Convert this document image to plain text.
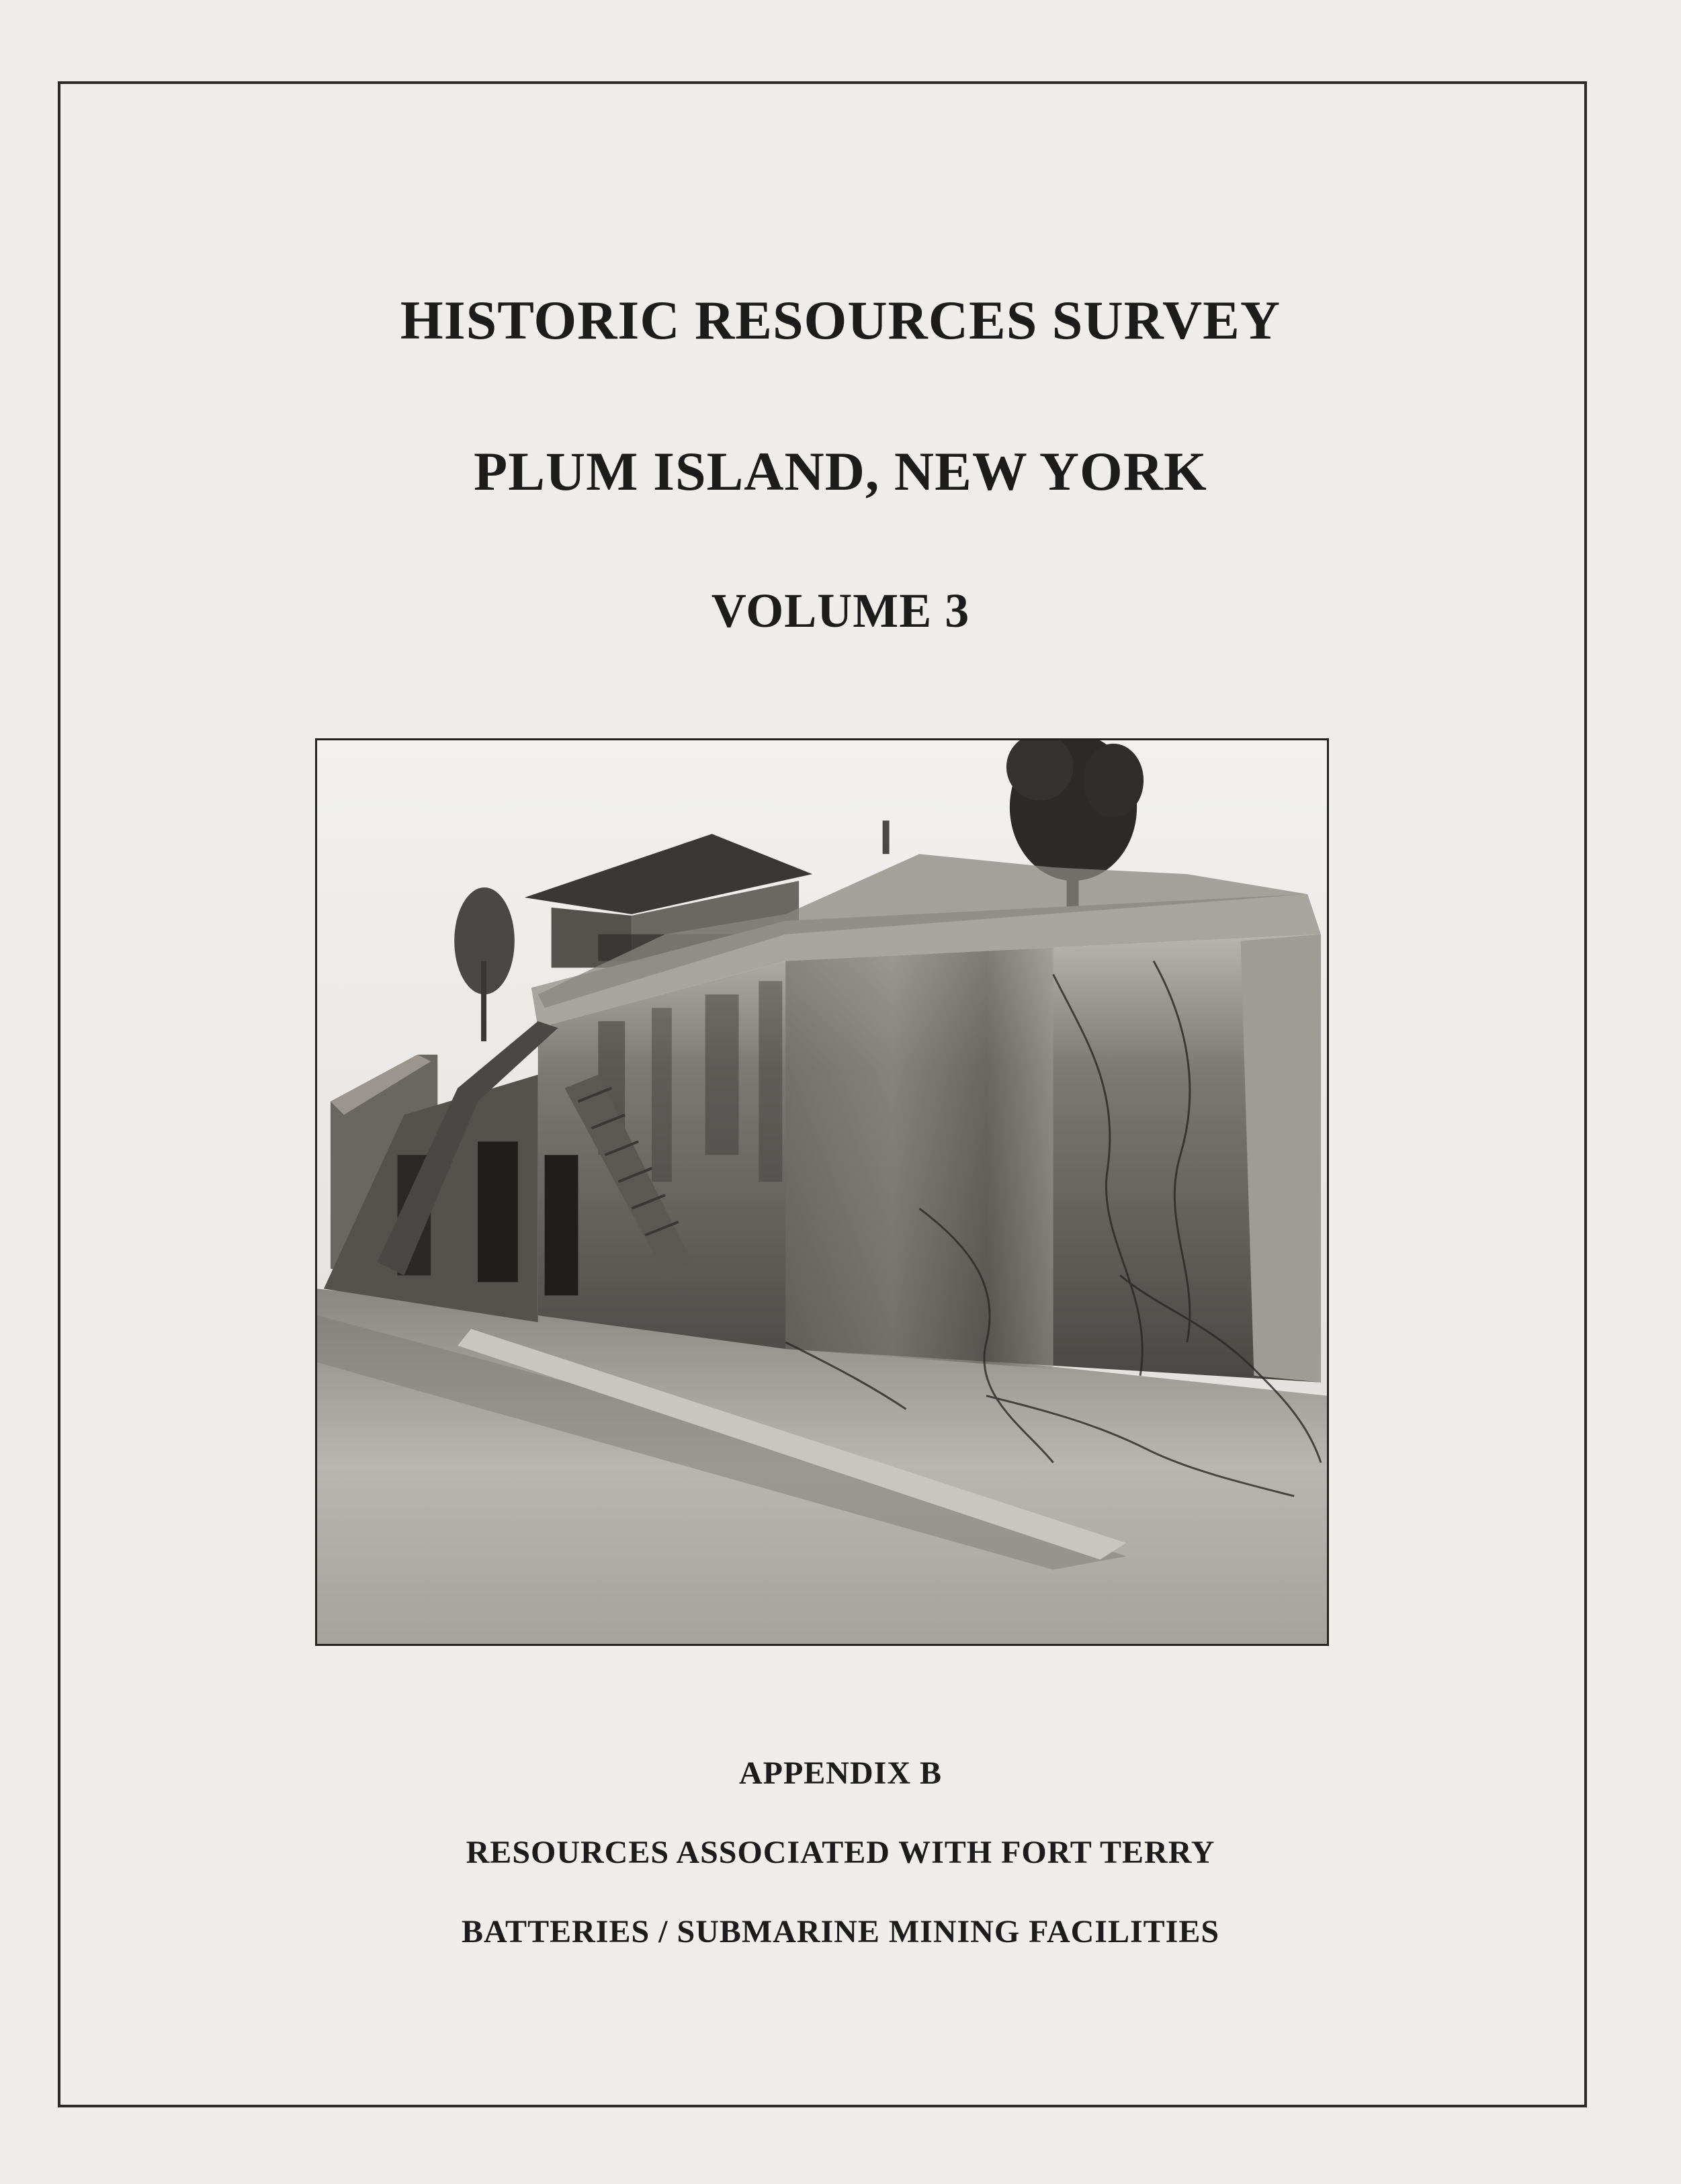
HISTORIC RESOURCES SURVEY
PLUM ISLAND, NEW YORK
VOLUME 3
APPENDIX B
RESOURCES ASSOCIATED WITH FORT TERRY
BATTERIES / SUBMARINE MINING FACILITIES
